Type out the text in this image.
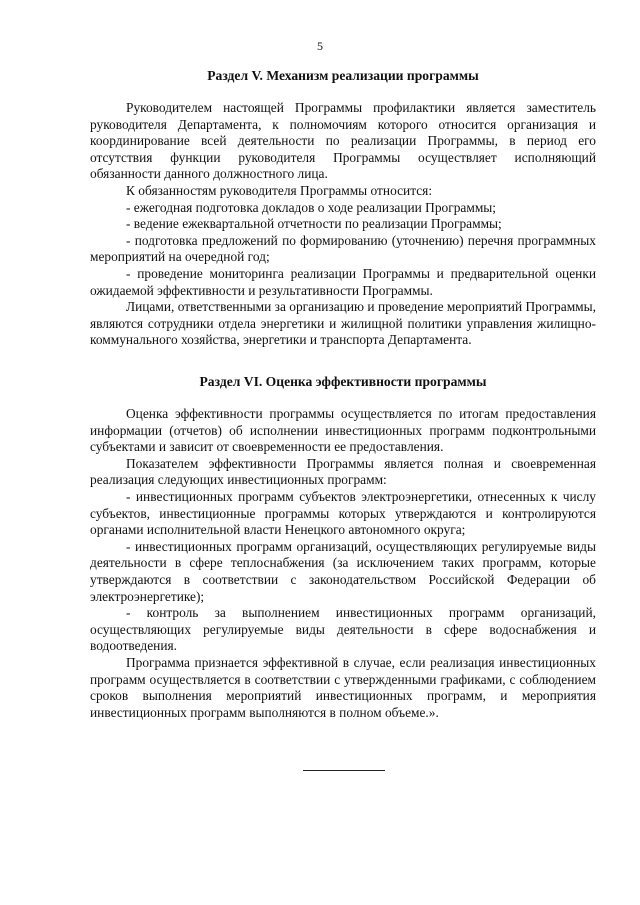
5
Раздел V. Механизм реализации программы

Руководителем настоящей Программы профилактики является заместитель руководителя Департамента, к полномочиям которого относится организация и координирование всей деятельности по реализации Программы, в период его отсутствия функции руководителя Программы осуществляет исполняющий обязанности данного должностного лица.

К обязанностям руководителя Программы относится:

- ежегодная подготовка докладов о ходе реализации Программы;

- ведение ежеквартальной отчетности по реализации Программы;

- подготовка предложений по формированию (уточнению) перечня программных мероприятий на очередной год;

- проведение мониторинга реализации Программы и предварительной оценки ожидаемой эффективности и результативности Программы.

Лицами, ответственными за организацию и проведение мероприятий Программы, являются сотрудники отдела энергетики и жилищной политики управления жилищно-коммунального хозяйства, энергетики и транспорта Департамента.

Раздел VI. Оценка эффективности программы

Оценка эффективности программы осуществляется по итогам предоставления информации (отчетов) об исполнении инвестиционных программ подконтрольными субъектами и зависит от своевременности ее предоставления.

Показателем эффективности Программы является полная и своевременная реализация следующих инвестиционных программ:

- инвестиционных программ субъектов электроэнергетики, отнесенных к числу субъектов, инвестиционные программы которых утверждаются и контролируются органами исполнительной власти Ненецкого автономного округа;

- инвестиционных программ организаций, осуществляющих регулируемые виды деятельности в сфере теплоснабжения (за исключением таких программ, которые утверждаются в соответствии с законодательством Российской Федерации об электроэнергетике);

- контроль за выполнением инвестиционных программ организаций, осуществляющих регулируемые виды деятельности в сфере водоснабжения и водоотведения.

Программа признается эффективной в случае, если реализация инвестиционных программ осуществляется в соответствии с утвержденными графиками, с соблюдением сроков выполнения мероприятий инвестиционных программ, и мероприятия инвестиционных программ выполняются в полном объеме.».
